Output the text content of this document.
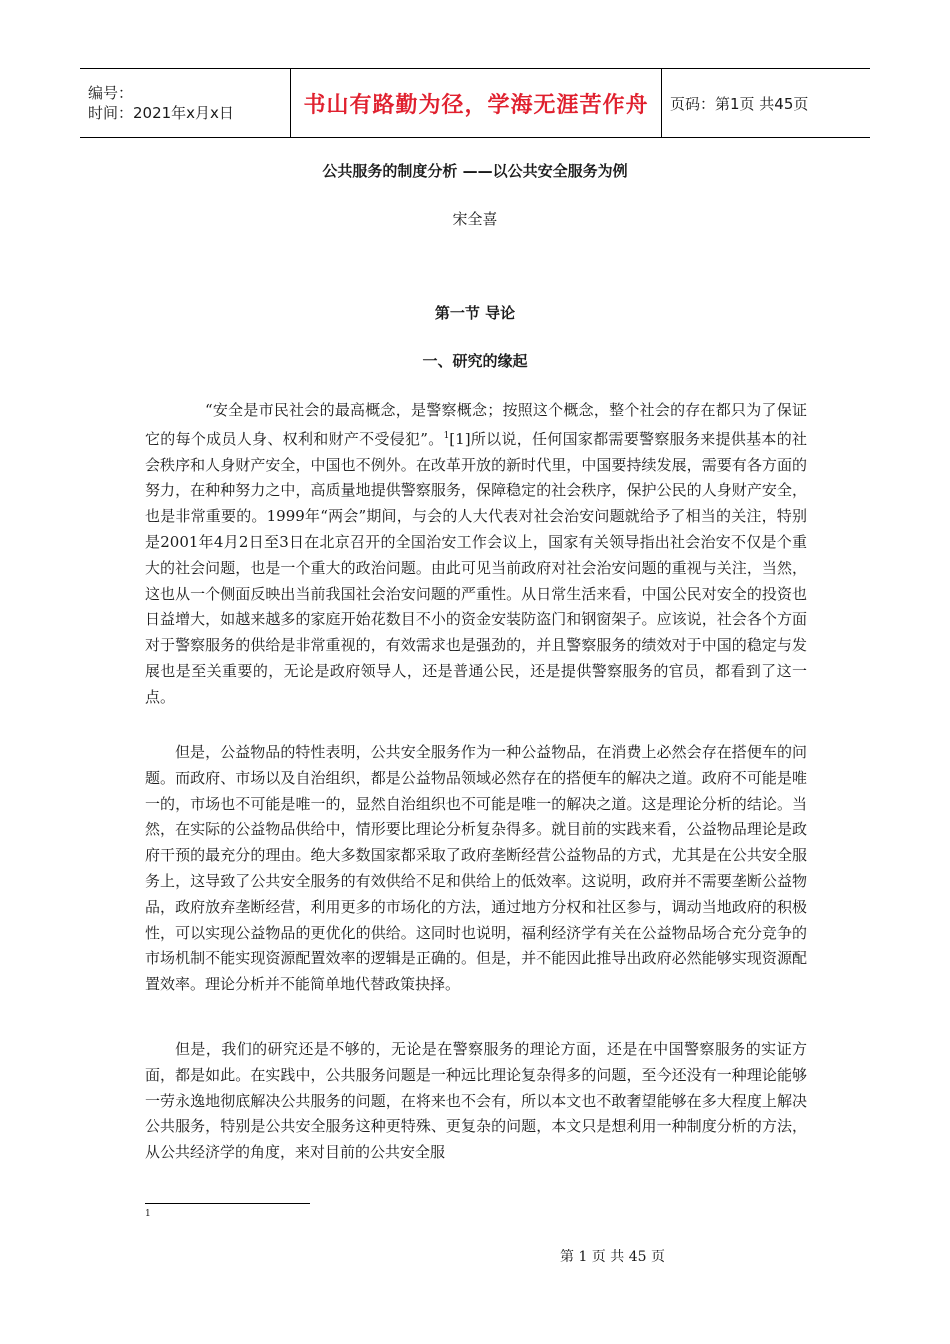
编号：
时间：2021年x月x日	书山有路勤为径，学海无涯苦作舟 页码：第1页 共45页
公共服务的制度分析 ——以公共安全服务为例
宋全喜
第一节 导论
一、研究的缘起

“安全是市民社会的最高概念，是警察概念；按照这个概念，整个社会的存在都只为了保证它的每个成员人身、权利和财产不受侵犯”。$^1$[1]所以说，任何国家都需要警察服务来提供基本的社会秩序和人身财产安全，中国也不例外。在改革开放的新时代里，中国要持续发展，需要有各方面的努力，在种种努力之中，高质量地提供警察服务，保障稳定的社会秩序，保护公民的人身财产安全，也是非常重要的。1999年“两会”期间，与会的人大代表对社会治安问题就给予了相当的关注，特别是2001年4月2日至3日在北京召开的全国治安工作会议上，国家有关领导指出社会治安不仅是个重大的社会问题，也是一个重大的政治问题。由此可见当前政府对社会治安问题的重视与关注，当然，这也从一个侧面反映出当前我国社会治安问题的严重性。从日常生活来看，中国公民对安全的投资也日益增大，如越来越多的家庭开始花数目不小的资金安装防盗门和钢窗架子。应该说，社会各个方面对于警察服务的供给是非常重视的，有效需求也是强劲的，并且警察服务的绩效对于中国的稳定与发展也是至关重要的，无论是政府领导人，还是普通公民，还是提供警察服务的官员，都看到了这一点。

但是，公益物品的特性表明，公共安全服务作为一种公益物品，在消费上必然会存在搭便车的问题。而政府、市场以及自治组织，都是公益物品领域必然存在的搭便车的解决之道。政府不可能是唯一的，市场也不可能是唯一的，显然自治组织也不可能是唯一的解决之道。这是理论分析的结论。当然，在实际的公益物品供给中，情形要比理论分析复杂得多。就目前的实践来看，公益物品理论是政府干预的最充分的理由。绝大多数国家都采取了政府垄断经营公益物品的方式，尤其是在公共安全服务上，这导致了公共安全服务的有效供给不足和供给上的低效率。这说明，政府并不需要垄断公益物品，政府放弃垄断经营，利用更多的市场化的方法，通过地方分权和社区参与，调动当地政府的积极性，可以实现公益物品的更优化的供给。这同时也说明，福利经济学有关在公益物品场合充分竞争的市场机制不能实现资源配置效率的逻辑是正确的。但是，并不能因此推导出政府必然能够实现资源配置效率。理论分析并不能简单地代替政策抉择。

但是，我们的研究还是不够的，无论是在警察服务的理论方面，还是在中国警察服务的实证方面，都是如此。在实践中，公共服务问题是一种远比理论复杂得多的问题，至今还没有一种理论能够一劳永逸地彻底解决公共服务的问题，在将来也不会有，所以本文也不敢奢望能够在多大程度上解决公共服务，特别是公共安全服务这种更特殊、更复杂的问题，本文只是想利用一种制度分析的方法，从公共经济学的角度，来对目前的公共安全服

1
第 1 页 共 45 页
